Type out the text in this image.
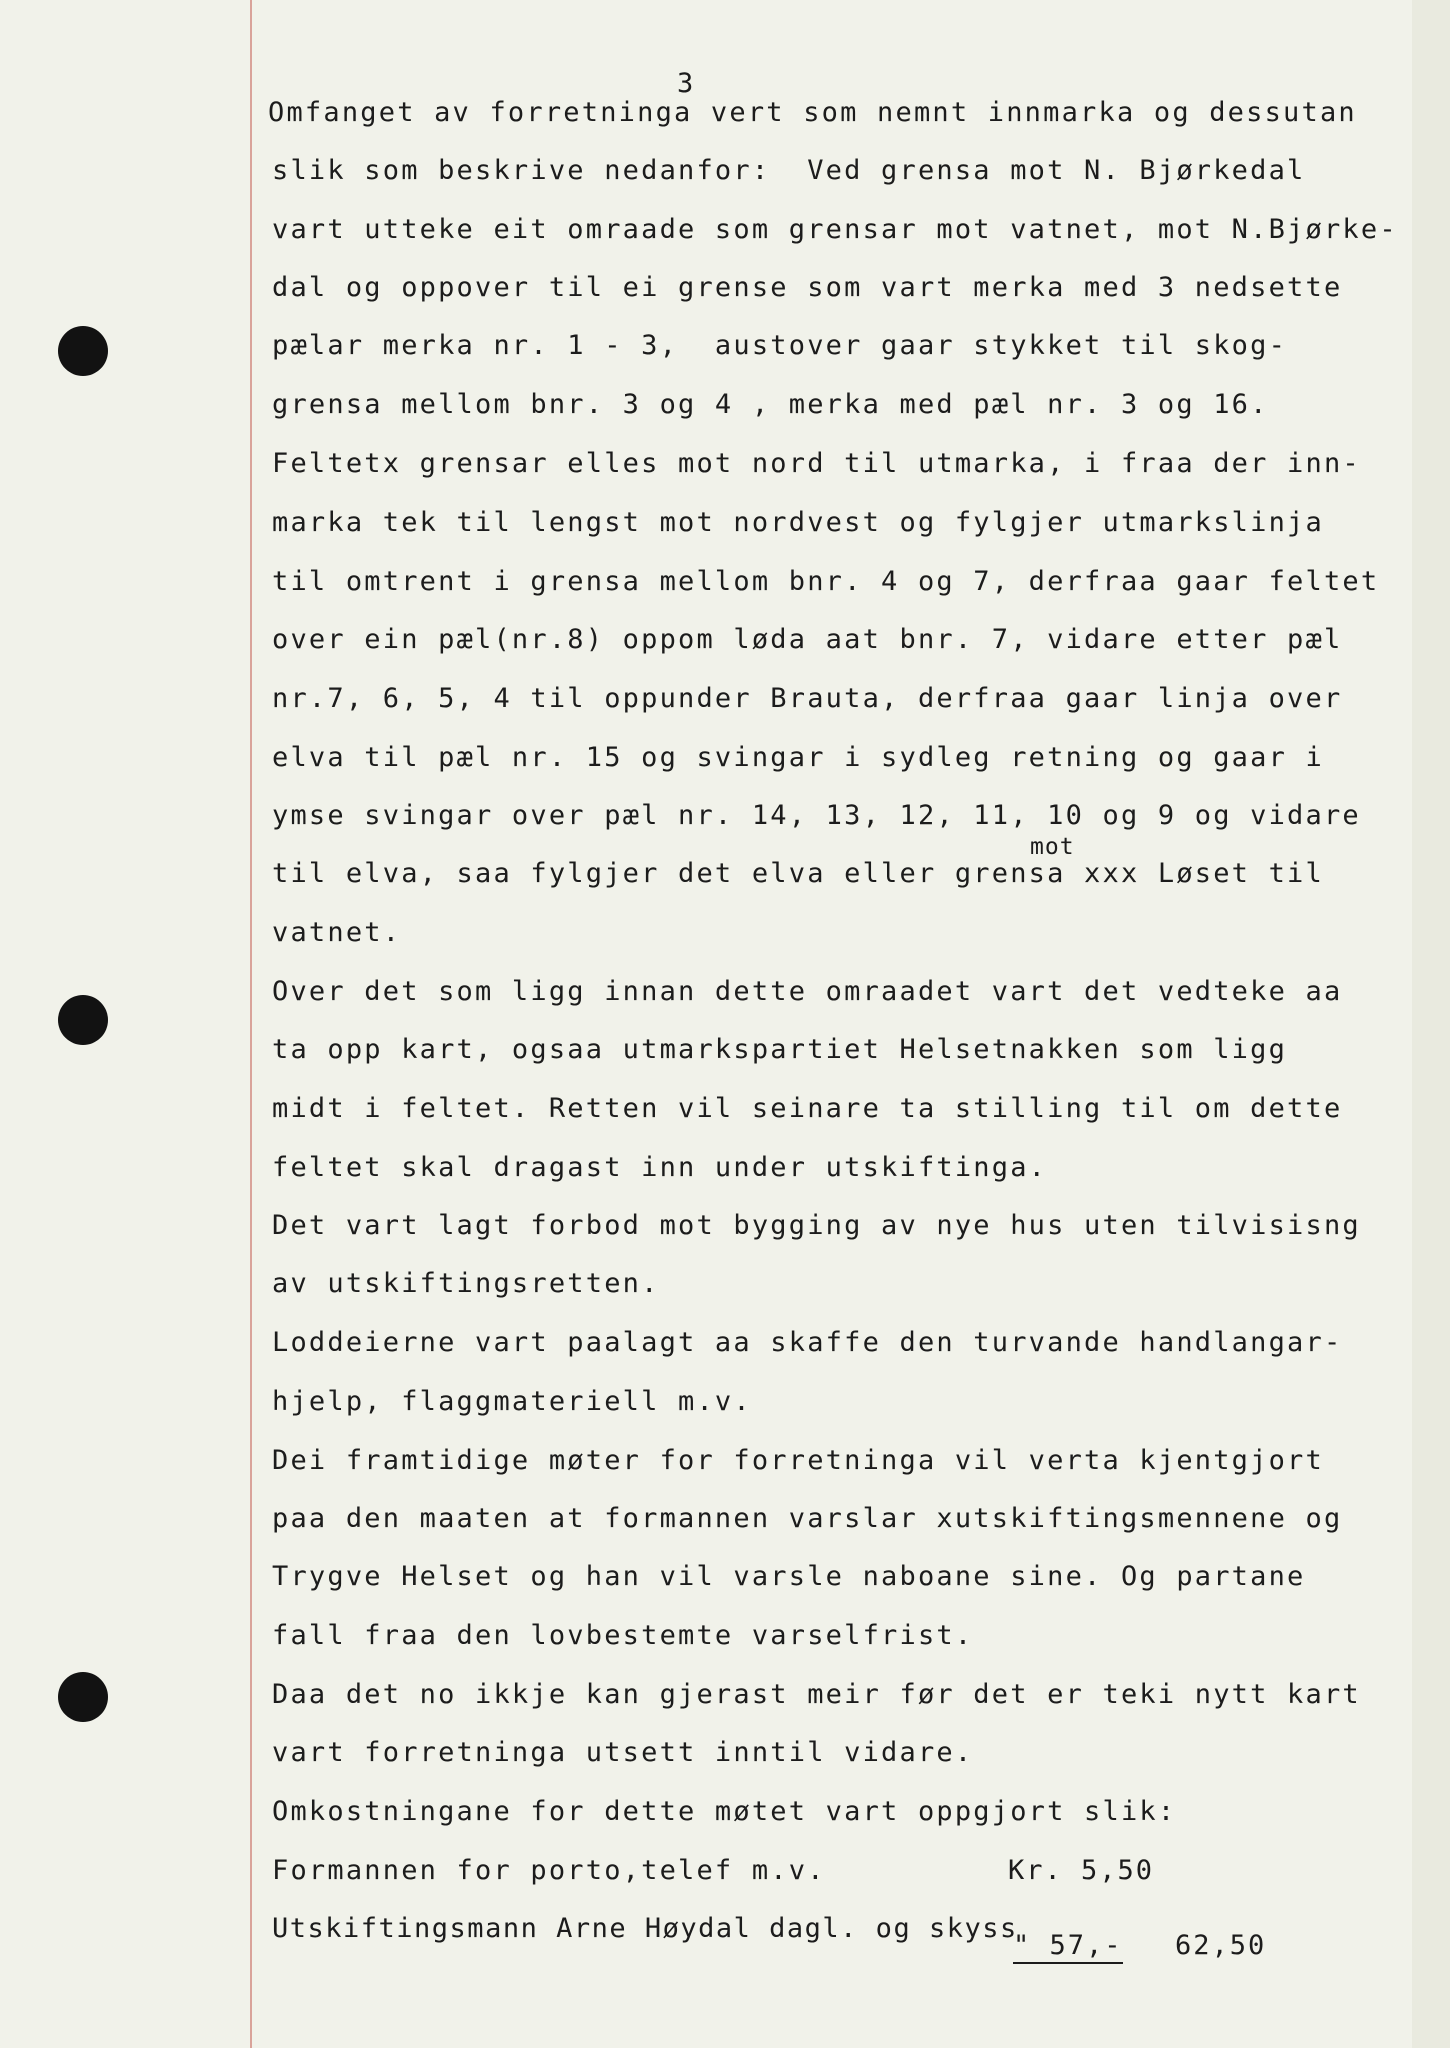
3
Omfanget av forretninga vert som nemnt innmarka og dessutan
slik som beskrive nedanfor:  Ved grensa mot N. Bjørkedal
vart utteke eit omraade som grensar mot vatnet, mot N.Bjørke-
dal og oppover til ei grense som vart merka med 3 nedsette
pælar merka nr. 1 - 3,  austover gaar stykket til skog-
grensa mellom bnr. 3 og 4 , merka med pæl nr. 3 og 16.
Feltetx grensar elles mot nord til utmarka, i fraa der inn-
marka tek til lengst mot nordvest og fylgjer utmarkslinja
til omtrent i grensa mellom bnr. 4 og 7, derfraa gaar feltet
over ein pæl(nr.8) oppom løda aat bnr. 7, vidare etter pæl
nr.7, 6, 5, 4 til oppunder Brauta, derfraa gaar linja over
elva til pæl nr. 15 og svingar i sydleg retning og gaar i
ymse svingar over pæl nr. 14, 13, 12, 11, 10 og 9 og vidare
mot
til elva, saa fylgjer det elva eller grensa xxx Løset til
vatnet.
Over det som ligg innan dette omraadet vart det vedteke aa
ta opp kart, ogsaa utmarkspartiet Helsetnakken som ligg
midt i feltet. Retten vil seinare ta stilling til om dette
feltet skal dragast inn under utskiftinga.
Det vart lagt forbod mot bygging av nye hus uten tilvisisng
av utskiftingsretten.
Loddeierne vart paalagt aa skaffe den turvande handlangar-
hjelp, flaggmateriell m.v.
Dei framtidige møter for forretninga vil verta kjentgjort
paa den maaten at formannen varslar xutskiftingsmennene og
Trygve Helset og han vil varsle naboane sine. Og partane
fall fraa den lovbestemte varselfrist.
Daa det no ikkje kan gjerast meir før det er teki nytt kart
vart forretninga utsett inntil vidare.
Omkostningane for dette møtet vart oppgjort slik:
Formannen for porto,telef m.v.	Kr. 5,50
Utskiftingsmann Arne Høydal dagl. og skyss
" 57,- 62,50
